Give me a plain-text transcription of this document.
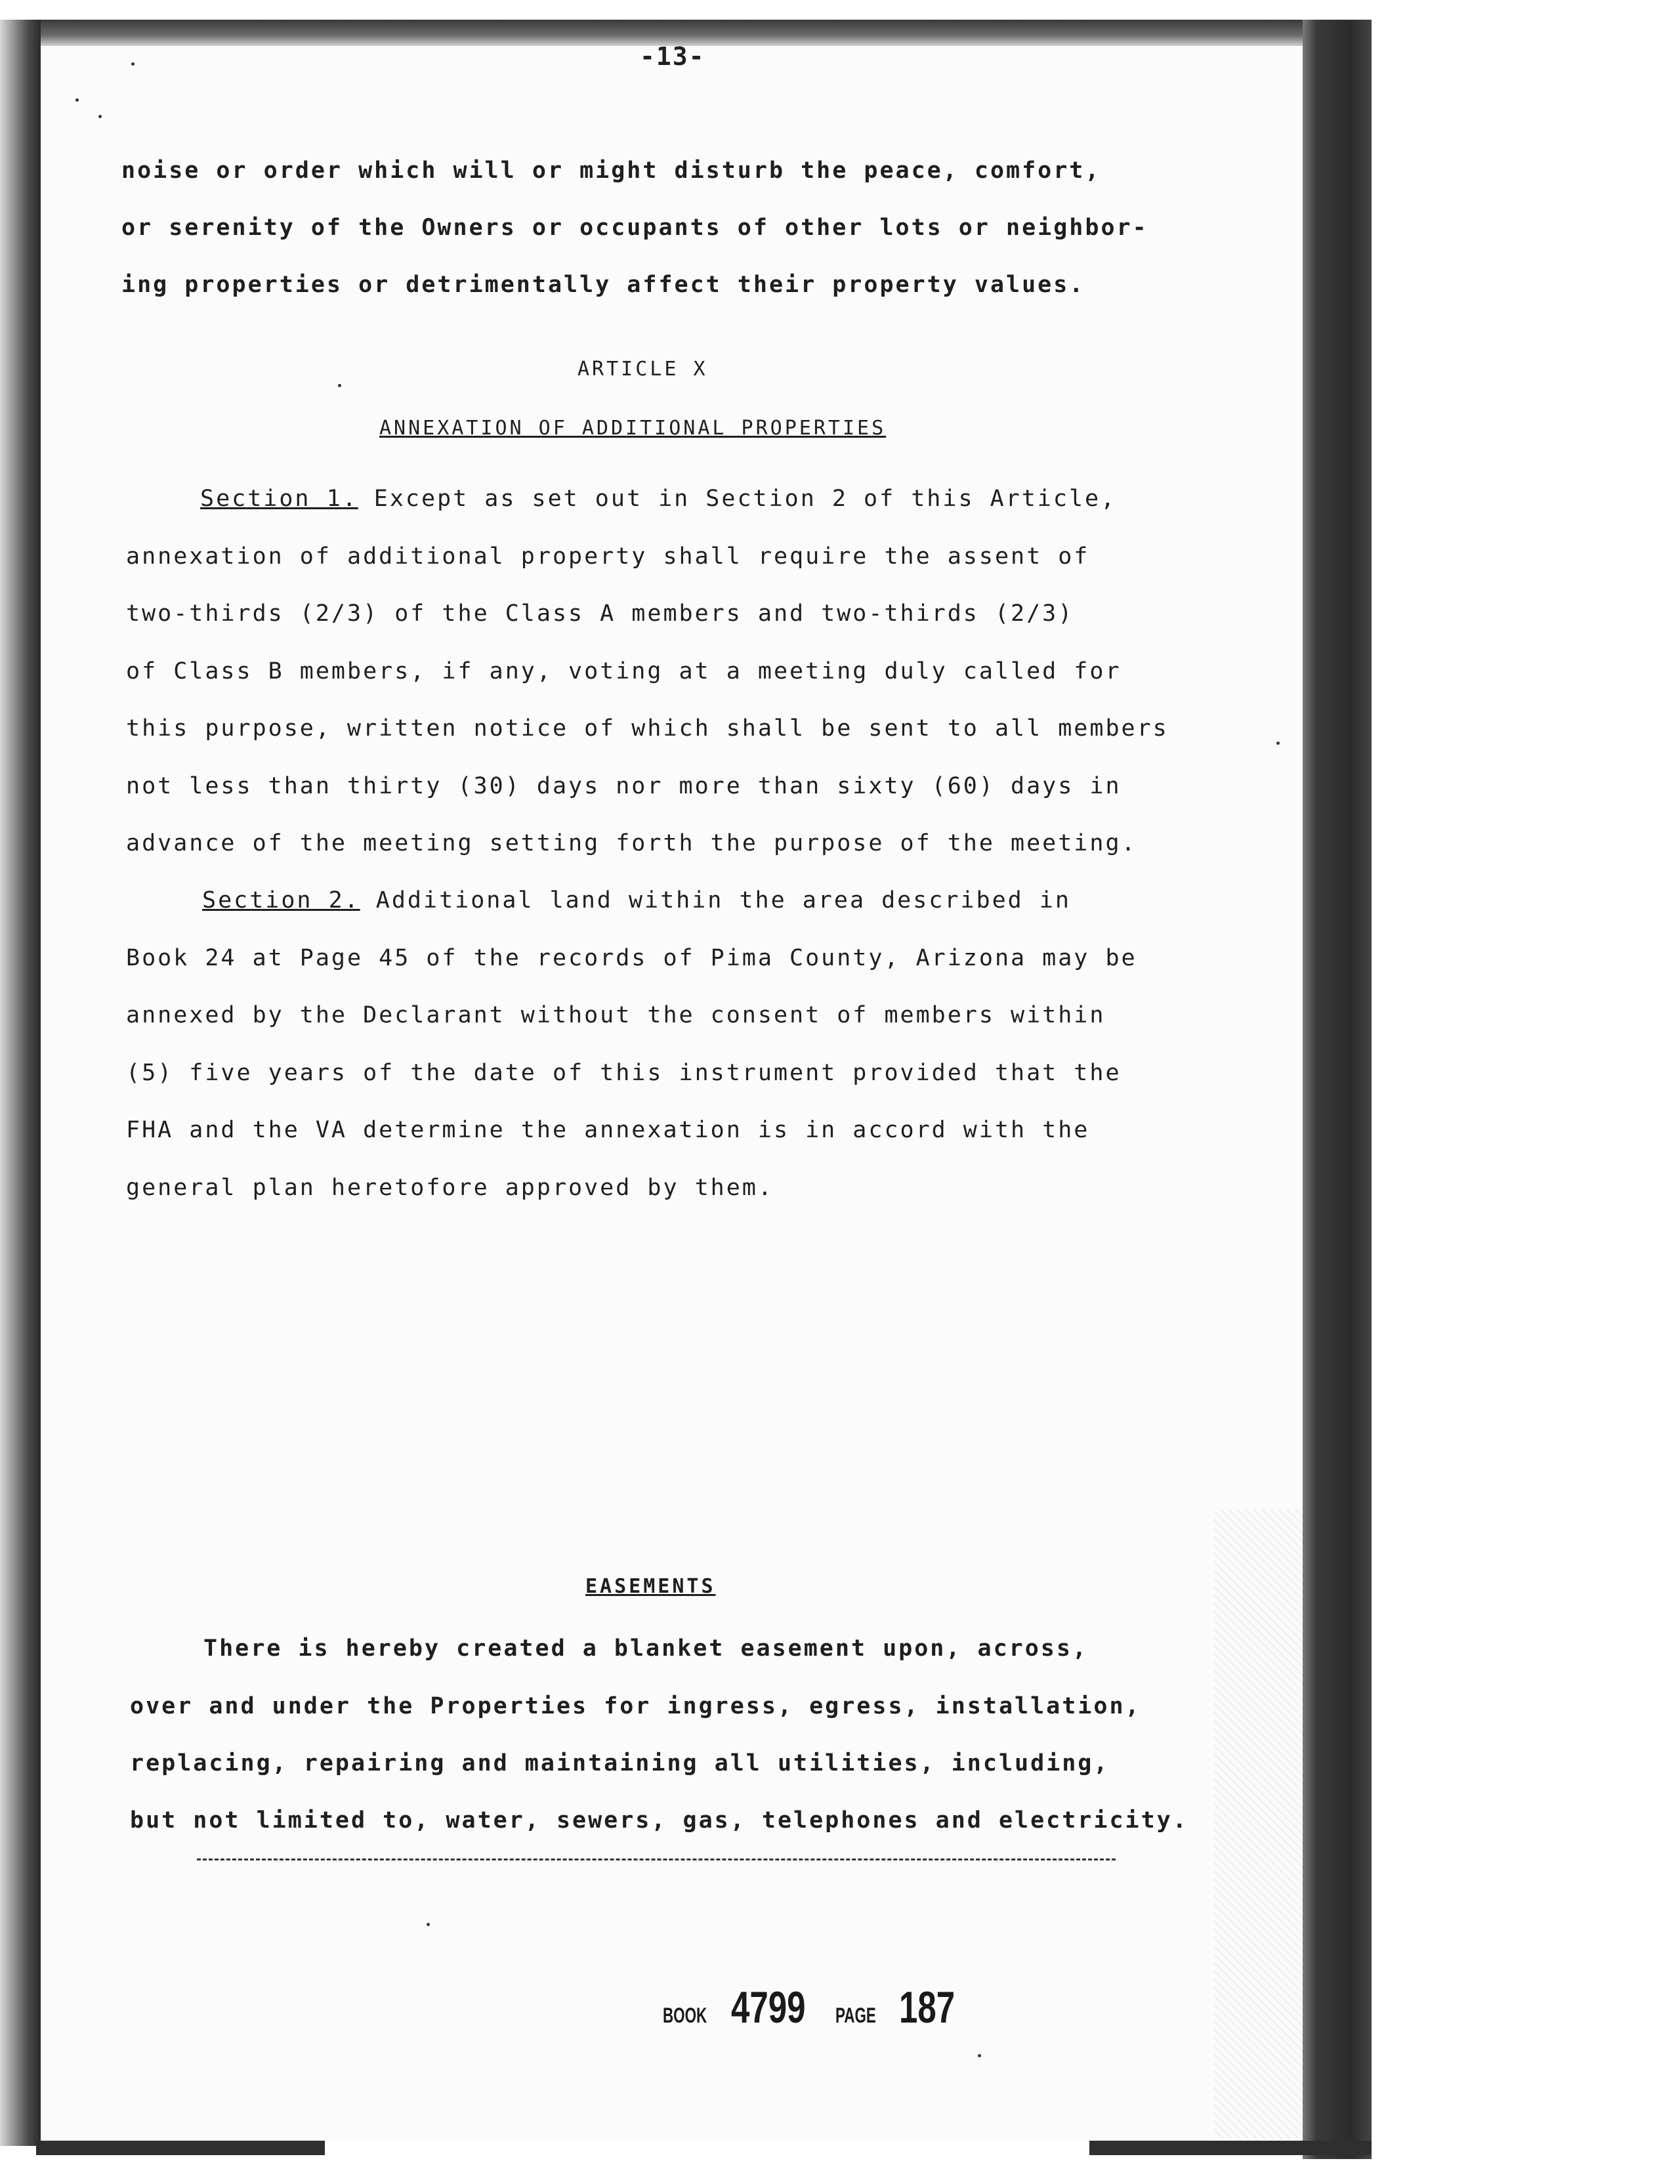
-13-
noise or order which will or might disturb the peace, comfort,
or serenity of the Owners or occupants of other lots or neighbor-
ing properties or detrimentally affect their property values.
ARTICLE X
ANNEXATION OF ADDITIONAL PROPERTIES
Section 1. Except as set out in Section 2 of this Article,
annexation of additional property shall require the assent of
two-thirds (2/3) of the Class A members and two-thirds (2/3)
of Class B members, if any, voting at a meeting duly called for
this purpose, written notice of which shall be sent to all members
not less than thirty (30) days nor more than sixty (60) days in
advance of the meeting setting forth the purpose of the meeting.
Section 2. Additional land within the area described in
Book 24 at Page 45 of the records of Pima County, Arizona may be
annexed by the Declarant without the consent of members within
(5) five years of the date of this instrument provided that the
FHA and the VA determine the annexation is in accord with the
general plan heretofore approved by them.
EASEMENTS
There is hereby created a blanket easement upon, across,
over and under the Properties for ingress, egress, installation,
replacing, repairing and maintaining all utilities, including,
but not limited to, water, sewers, gas, telephones and electricity.
BOOK 4799 PAGE 187
